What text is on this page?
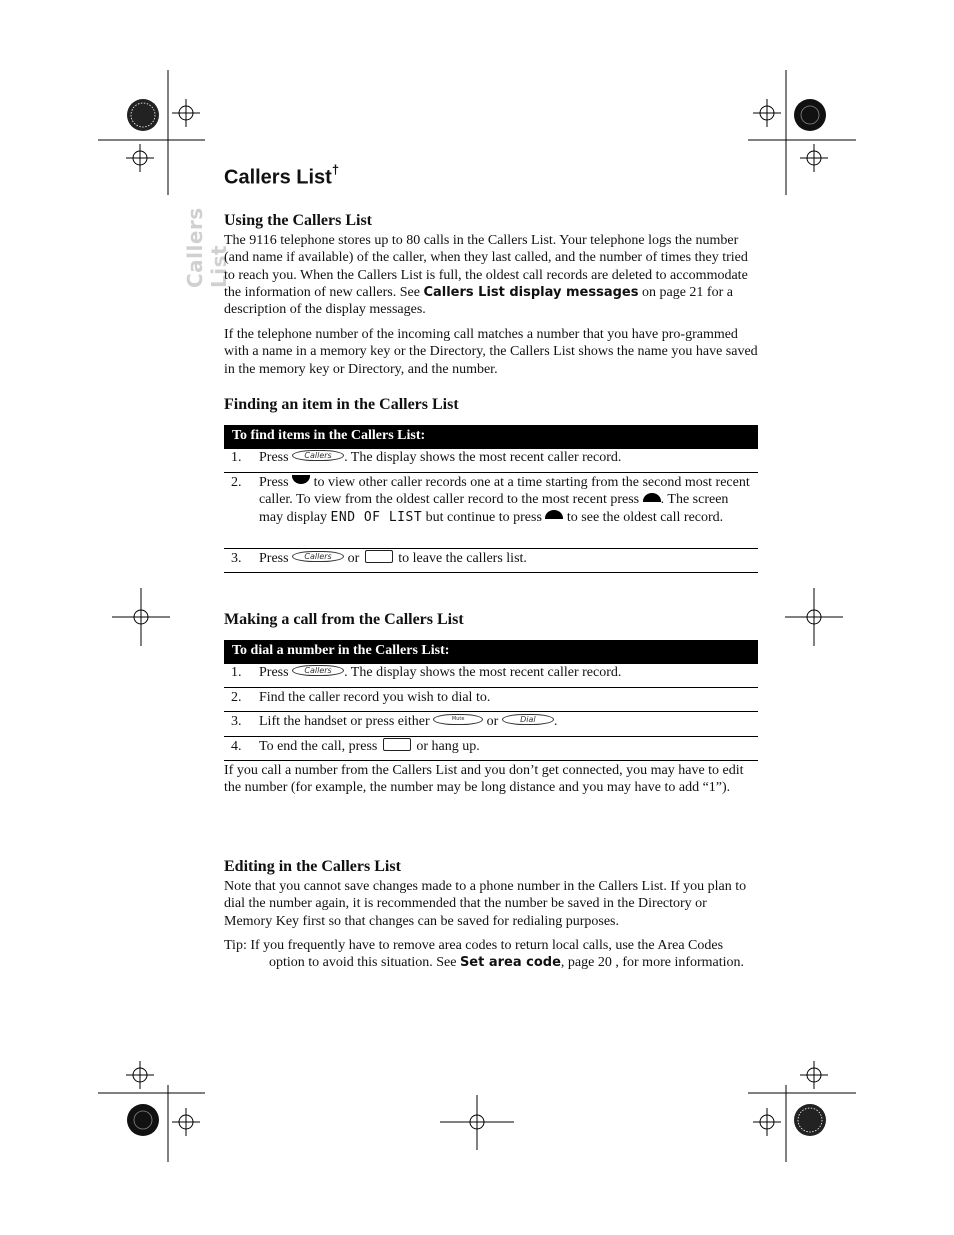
Callers List
Callers List†
Using the Callers List

The 9116 telephone stores up to 80 calls in the Callers List. Your telephone logs the number (and name if available) of the caller, when they last called, and the number of times they tried to reach you. When the Callers List is full, the oldest call records are deleted to accommodate the information of new callers. See Callers List display messages on page 21 for a description of the display messages.

If the telephone number of the incoming call matches a number that you have pro-grammed with a name in a memory key or the Directory, the Callers List shows the name you have saved in the memory key or Directory, and the number.

Finding an item in the Callers List
To find items in the Callers List:
1. Press Callers . The display shows the most recent caller record.
2. Press  to view other caller records one at a time starting from the second most recent caller. To view from the oldest caller record to the most recent press . The screen may display END OF LIST but continue to press  to see the oldest call record.
3. Press Callers or  to leave the callers list.
Making a call from the Callers List
To dial a number in the Callers List:
1. Press Callers . The display shows the most recent caller record.
2. Find the caller record you wish to dial to.
3. Lift the handset or press either	Mute or Dial .
4. To end the call, press  or hang up.

If you call a number from the Callers List and you don’t get connected, you may have to edit the number (for example, the number may be long distance and you may have to add “1”).

Editing in the Callers List

Note that you cannot save changes made to a phone number in the Callers List. If you plan to dial the number again, it is recommended that the number be saved in the Directory or Memory Key first so that changes can be saved for redialing purposes.

Tip: If you frequently have to remove area codes to return local calls, use the Area Codes option to avoid this situation. See Set area code, page 20 , for more information.
